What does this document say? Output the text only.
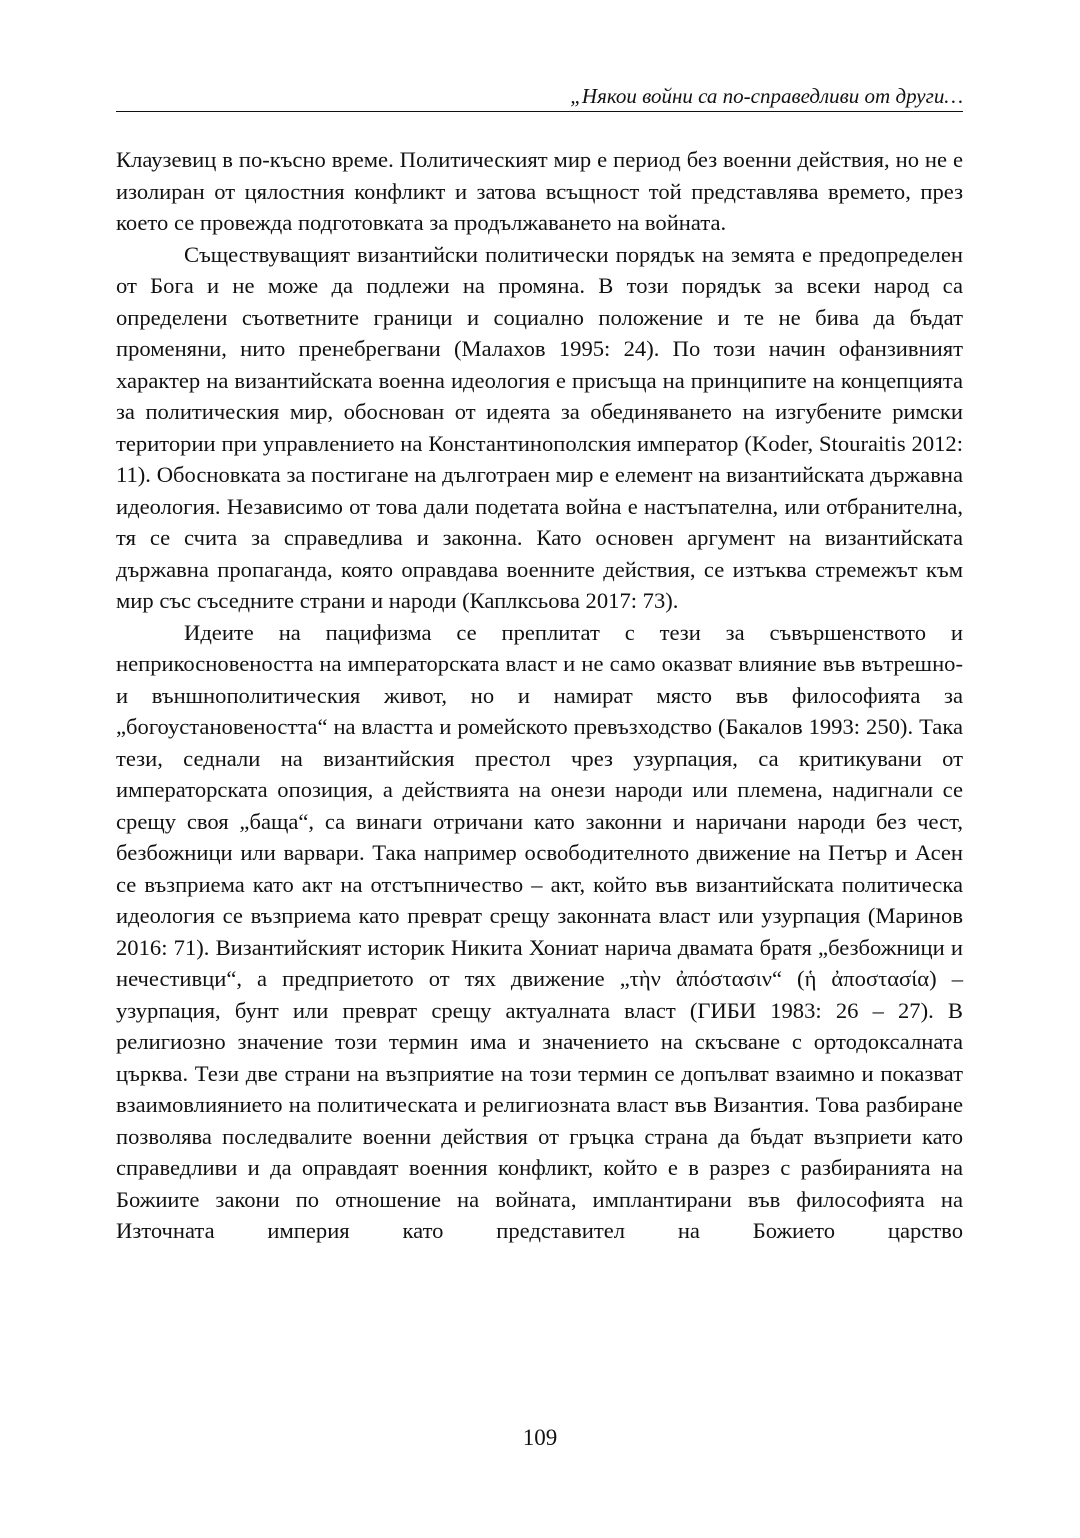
„Някои войни са по-справедливи от други…

Клаузевиц в по-късно време. Политическият мир е период без военни действия, но не е изолиран от цялостния конфликт и затова всъщност той представлява времето, през което се провежда подготовката за продължаването на войната.

Съществуващият византийски политически порядък на земята е предопределен от Бога и не може да подлежи на промяна. В този порядък за всеки народ са определени съответните граници и социално положение и те не бива да бъдат променяни, нито пренебрегвани (Малахов 1995: 24). По този начин офанзивният характер на византийската военна идеология е присъща на принципите на концепцията за политическия мир, обоснован от идеята за обединяването на изгубените римски територии при управлението на Константинополския император (Koder, Stouraitis 2012: 11). Обосновката за постигане на дълготраен мир е елемент на византийската държавна идеология. Независимо от това дали подетата война е настъпателна, или отбранителна, тя се счита за справедлива и законна. Като основен аргумент на византийската държавна пропаганда, която оправдава военните действия, се изтъква стремежът към мир със съседните страни и народи (Каплксьова 2017: 73).

Идеите на пацифизма се преплитат с тези за съвършенството и неприкосновеността на императорската власт и не само оказват влияние във вътрешно- и външнополитическия живот, но и намират място във философията за „богоустановеността“ на властта и ромейското превъзходство (Бакалов 1993: 250). Така тези, седнали на византийския престол чрез узурпация, са критикувани от императорската опозиция, а действията на онези народи или племена, надигнали се срещу своя „баща“, са винаги отричани като законни и наричани народи без чест, безбожници или варвари. Така например освободителното движение на Петър и Асен се възприема като акт на отстъпничество – акт, който във византийската политическа идеология се възприема като преврат срещу законната власт или узурпация (Маринов 2016: 71). Византийският историк Никита Хониат нарича двамата братя „безбожници и нечестивци“, а предприетото от тях движение „τὴν ἀπόστασιν“ (ἡ ἀποστασία) – узурпация, бунт или преврат срещу актуалната власт (ГИБИ 1983: 26 – 27). В религиозно значение този термин има и значението на скъсване с ортодоксалната църква. Тези две страни на възприятие на този термин се допълват взаимно и показват взаимовлиянието на политическата и религиозната власт във Византия. Това разбиране позволява последвалите военни действия от гръцка страна да бъдат възприети като справедливи и да оправдаят военния конфликт, който е в разрез с разбиранията на Божиите закони по отношение на войната, имплантирани във философията на Източната империя като представител на Божието царство

109
